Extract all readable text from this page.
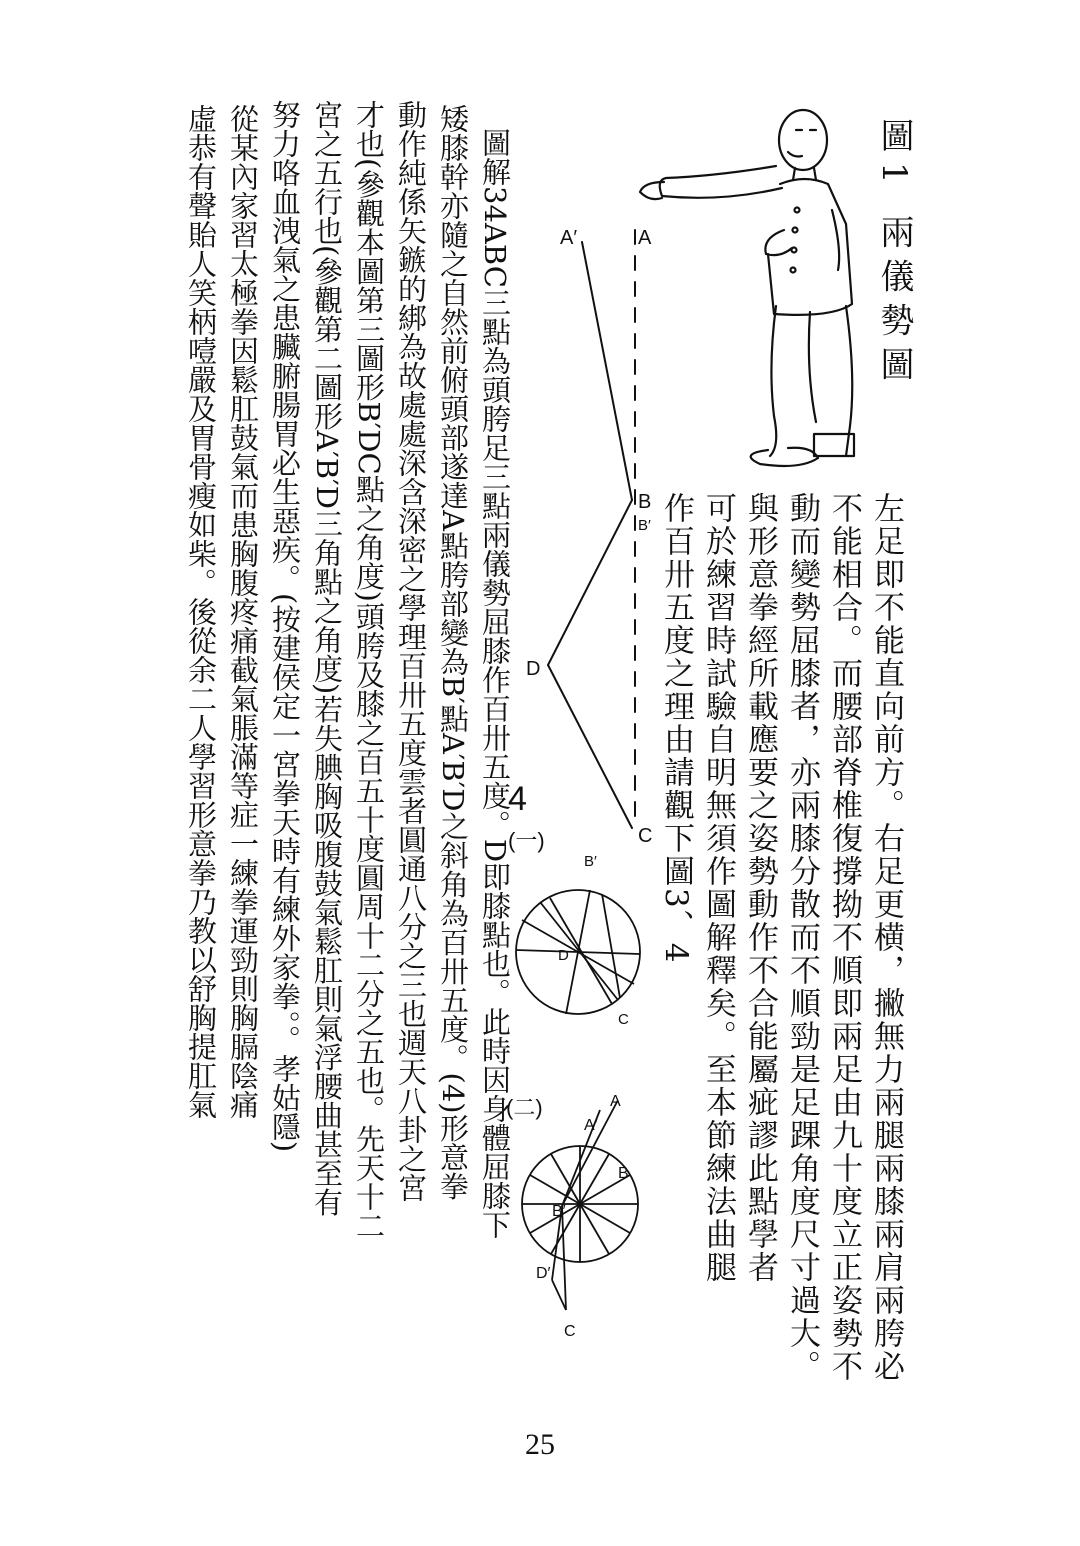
圖1 兩儀勢圖
A′	A
B
B′
D
C
4
(一)
(二)
B′
D
C
A
A′
B
B′
D′
C	左足即不能直向前方。右足更横，撇無力兩腿兩膝兩肩兩胯必
不能相合。而腰部脊椎復撐拗不順即兩足由九十度立正姿勢不
動而變勢屈膝者，亦兩膝分散而不順勁是足踝角度尺寸過大。
與形意拳經所載應要之姿勢動作不合能屬疵謬此點學者
可於練習時試驗自明無須作圖解釋矣。至本節練法曲腿
作百卅五度之理由請觀下圖3、4
圖解34ABC三點為頭胯足三點兩儀勢屈膝作百卅五度。D即膝點也。此時因身體屈膝下
矮膝幹亦隨之自然前俯頭部遂達A點胯部變為B′點A′B′D之斜角為百卅五度。(4)形意拳
動作純係矢鏃的綁為故處處深含深密之學理百卅五度雲者圓通八分之三也週天八卦之宮
才也(參觀本圖第三圖形B′DC點之角度)頭胯及膝之百五十度圓周十二分之五也。先天十二
宮之五行也(參觀第二圖形A′B′D三角點之角度)若失腆胸吸腹鼓氣鬆肛則氣浮腰曲甚至有
努力咯血洩氣之患臟腑腸胃必生惡疾。(按建侯定一宮拳天時有練外家拳。。孝姑隱)
從某內家習太極拳因鬆肛鼓氣而患胸腹疼痛截氣脹滿等症一練拳運勁則胸膈陰痛
虛恭有聲貽人笑柄噎嚴及胃骨瘦如柴。後從余二人學習形意拳乃教以舒胸提肛氣
25
